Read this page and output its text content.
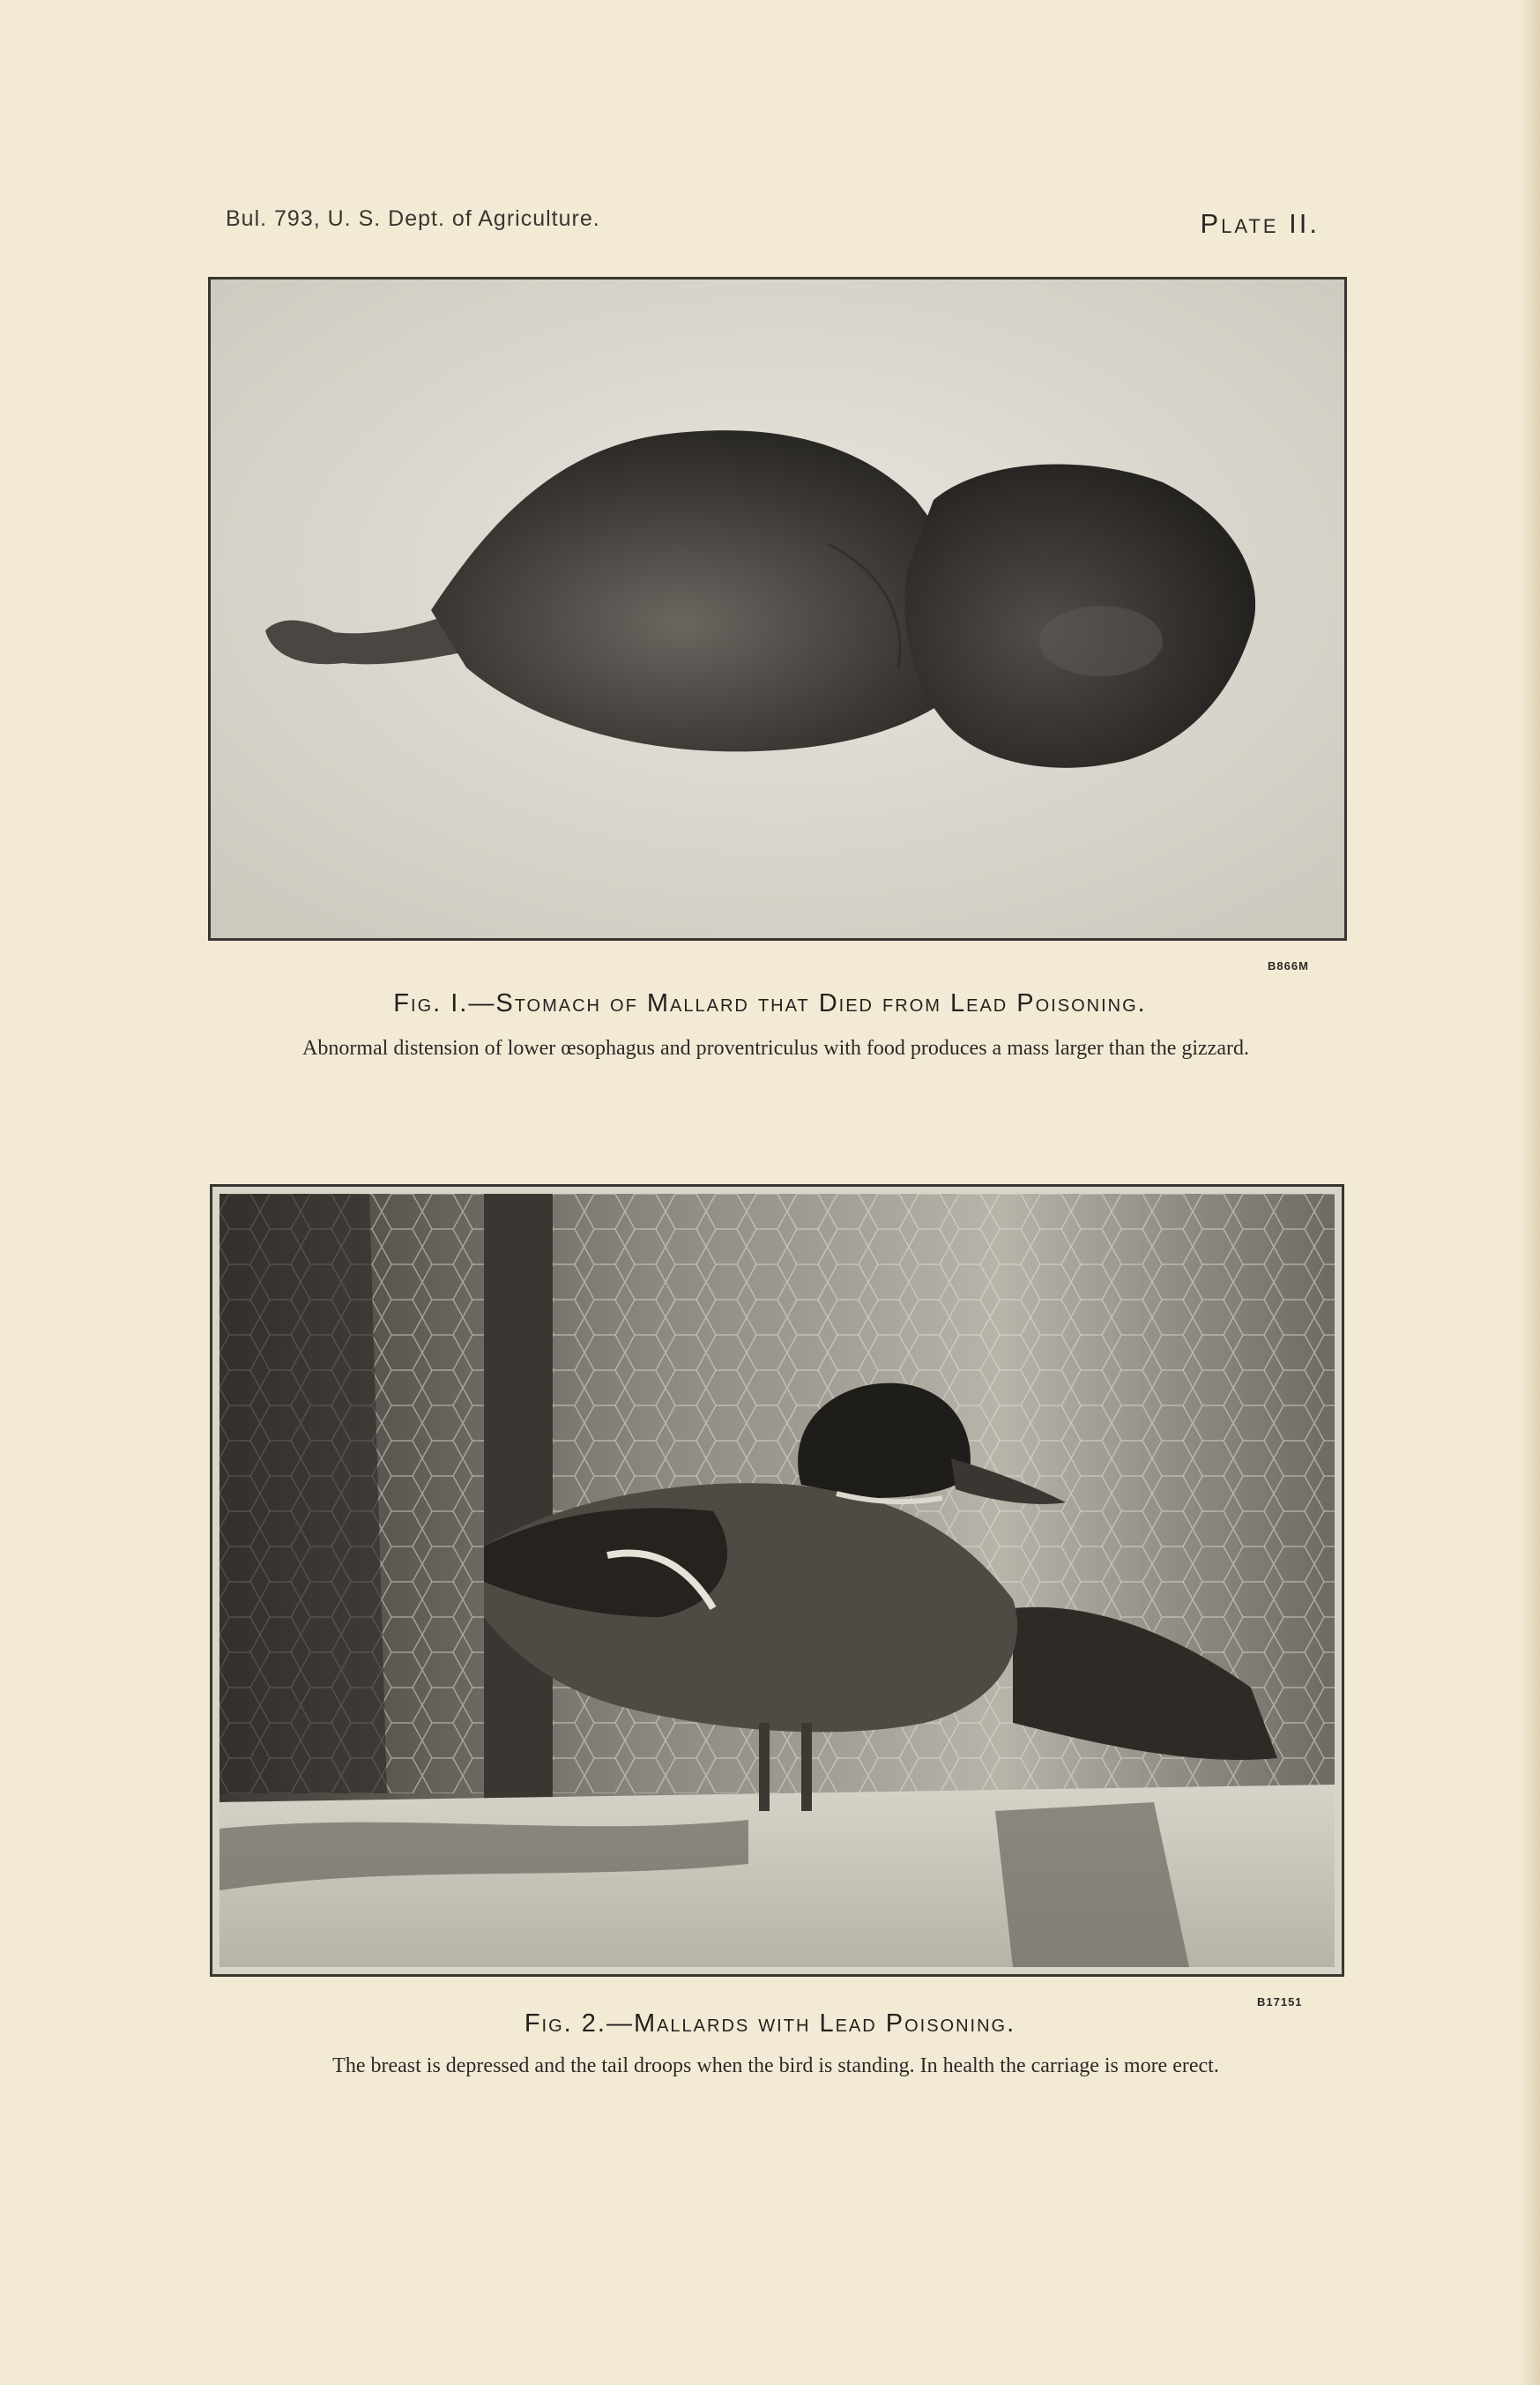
Bul. 793, U. S. Dept. of Agriculture.	Plate II.
B866M
Fig. I.—Stomach of Mallard that Died from Lead Poisoning.
Abnormal distension of lower œsophagus and proventriculus with food produces a mass larger than the gizzard.
B17151
Fig. 2.—Mallards with Lead Poisoning.
The breast is depressed and the tail droops when the bird is standing. In health the carriage is more erect.
